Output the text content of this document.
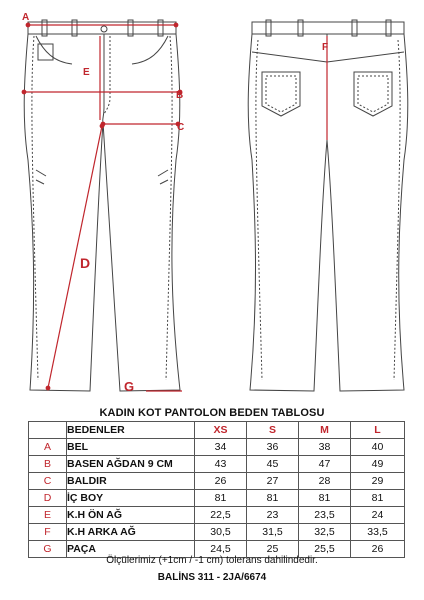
A
B
C
E
D
G
F
KADIN KOT PANTOLON BEDEN TABLOSU
	BEDENLER	XS	S	M	L
A	BEL	34	36	38	40
B	BASEN AĞDAN 9 CM	43	45	47	49
C	BALDIR	26	27	28	29
D	İÇ BOY	81	81	81	81
E	K.H ÖN AĞ	22,5	23	23,5	24
F	K.H ARKA AĞ	30,5	31,5	32,5	33,5
G	PAÇA	24,5	25	25,5	26
Ölçülerimiz (+1cm / -1 cm) tolerans dahilindedir.
BALİNS 311 - 2JA/6674
